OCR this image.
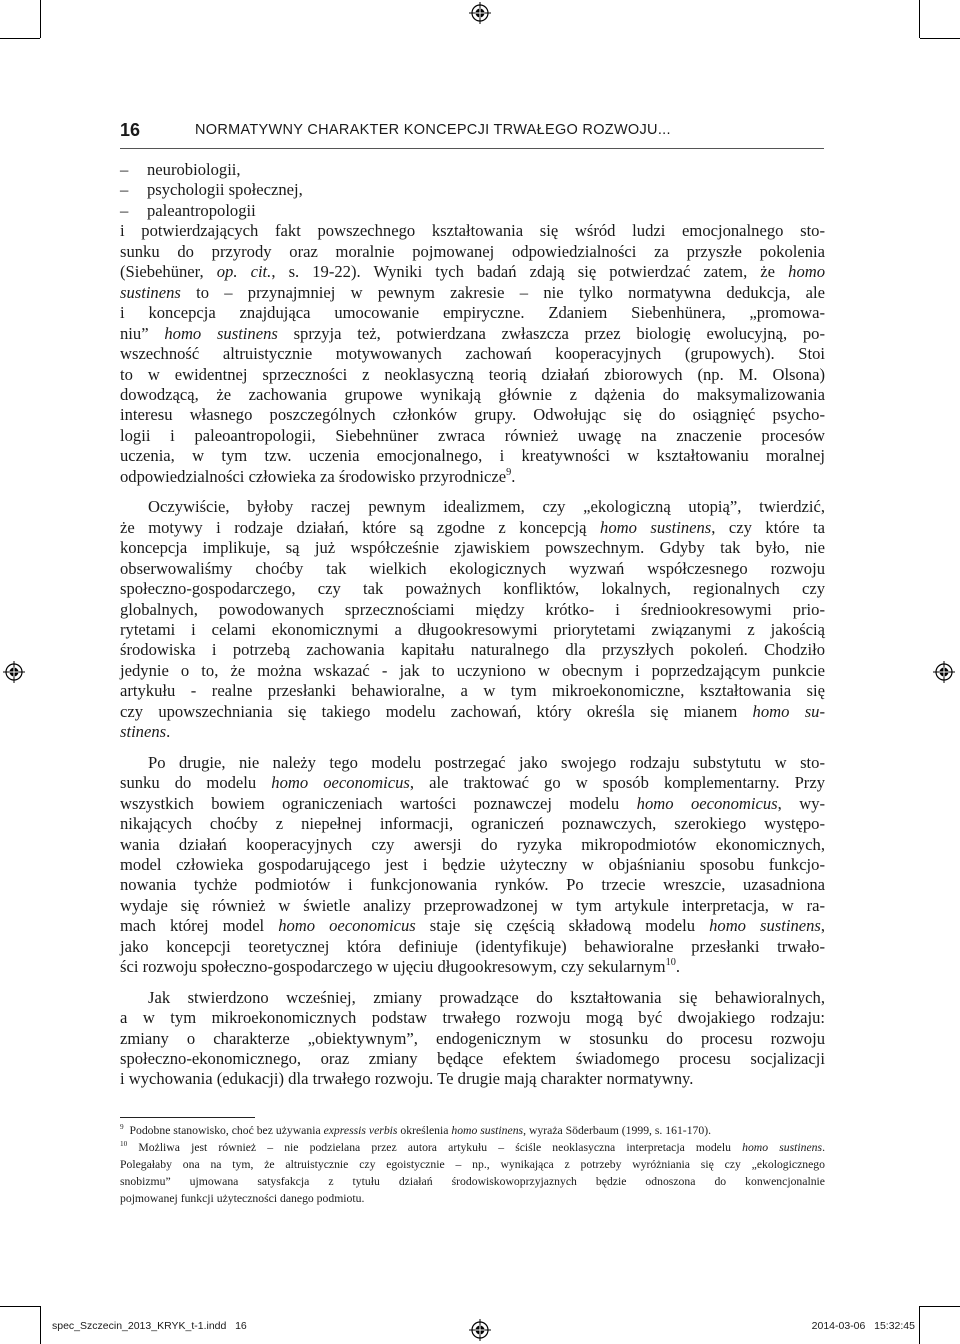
16	NORMATYWNY CHARAKTER KONCEPCJI TRWAŁEGO ROZWOJU...
– neurobiologii,
– psychologii społecznej,
– paleantropologii
i potwierdzających fakt powszechnego kształtowania się wśród ludzi emocjonalnego sto-
sunku do przyrody oraz moralnie pojmowanej odpowiedzialności za przyszłe pokolenia
(Siebehüner, op. cit., s. 19-22). Wyniki tych badań zdają się potwierdzać zatem, że homo
sustinens to – przynajmniej w pewnym zakresie – nie tylko normatywna dedukcja, ale
i koncepcja znajdująca umocowanie empiryczne. Zdaniem Siebenhünera, „promowa-
niu” homo sustinens sprzyja też, potwierdzana zwłaszcza przez biologię ewolucyjną, po-
wszechność altruistycznie motywowanych zachowań kooperacyjnych (grupowych). Stoi
to w ewidentnej sprzeczności z neoklasyczną teorią działań zbiorowych (np. M. Olsona)
dowodzącą, że zachowania grupowe wynikają głównie z dążenia do maksymalizowania
interesu własnego poszczególnych członków grupy. Odwołując się do osiągnięć psycho-
logii i paleoantropologii, Siebehnüner zwraca również uwagę na znaczenie procesów
uczenia, w tym tzw. uczenia emocjonalnego, i kreatywności w kształtowaniu moralnej
odpowiedzialności człowieka za środowisko przyrodnicze$^9$.
Oczywiście, byłoby raczej pewnym idealizmem, czy „ekologiczną utopią”, twierdzić,
że motywy i rodzaje działań, które są zgodne z koncepcją homo sustinens, czy które ta
koncepcja implikuje, są już współcześnie zjawiskiem powszechnym. Gdyby tak było, nie
obserwowaliśmy choćby tak wielkich ekologicznych wyzwań współczesnego rozwoju
społeczno-gospodarczego, czy tak poważnych konfliktów, lokalnych, regionalnych czy
globalnych, powodowanych sprzecznościami między krótko- i średniookresowymi prio-
rytetami i celami ekonomicznymi a długookresowymi priorytetami związanymi z jakością
środowiska i potrzebą zachowania kapitału naturalnego dla przyszłych pokoleń. Chodziło
jedynie o to, że można wskazać - jak to uczyniono w obecnym i poprzedzającym punkcie
artykułu - realne przesłanki behawioralne, a w tym mikroekonomiczne, kształtowania się
czy upowszechniania się takiego modelu zachowań, który określa się mianem homo su-
stinens.
Po drugie, nie należy tego modelu postrzegać jako swojego rodzaju substytutu w sto-
sunku do modelu homo oeconomicus, ale traktować go w sposób komplementarny. Przy
wszystkich bowiem ograniczeniach wartości poznawczej modelu homo oeconomicus, wy-
nikających choćby z niepełnej informacji, ograniczeń poznawczych, szerokiego występo-
wania działań kooperacyjnych czy awersji do ryzyka mikropodmiotów ekonomicznych,
model człowieka gospodarującego jest i będzie użyteczny w objaśnianiu sposobu funkcjo-
nowania tychże podmiotów i funkcjonowania rynków. Po trzecie wreszcie, uzasadniona
wydaje się również w świetle analizy przeprowadzonej w tym artykule interpretacja, w ra-
mach której model homo oeconomicus staje się częścią składową modelu homo sustinens,
jako koncepcji teoretycznej która definiuje (identyfikuje) behawioralne przesłanki trwało-
ści rozwoju społeczno-gospodarczego w ujęciu długookresowym, czy sekularnym$^{10}$.
Jak stwierdzono wcześniej, zmiany prowadzące do kształtowania się behawioralnych,
a w tym mikroekonomicznych podstaw trwałego rozwoju mogą być dwojakiego rodzaju:
zmiany o charakterze „obiektywnym”, endogenicznym w stosunku do procesu rozwoju
społeczno-ekonomicznego, oraz zmiany będące efektem świadomego procesu socjalizacji
i wychowania (edukacji) dla trwałego rozwoju. Te drugie mają charakter normatywny.
$^9$ Podobne stanowisko, choć bez używania expressis verbis określenia homo sustinens, wyraża Söderbaum (1999, s. 161-170).
$^{10}$ Możliwa jest również – nie podzielana przez autora artykułu – ściśle neoklasyczna interpretacja modelu homo sustinens.
Polegałaby ona na tym, że altruistycznie czy egoistycznie – np., wynikająca z potrzeby wyróżniania się czy „ekologicznego
snobizmu” ujmowana satysfakcja z tytułu działań środowiskowoprzyjaznych będzie odnoszona do konwencjonalnie
pojmowanej funkcji użyteczności danego podmiotu.
spec_Szczecin_2013_KRYK_t-1.indd   16	2014-03-06   15:32:45
